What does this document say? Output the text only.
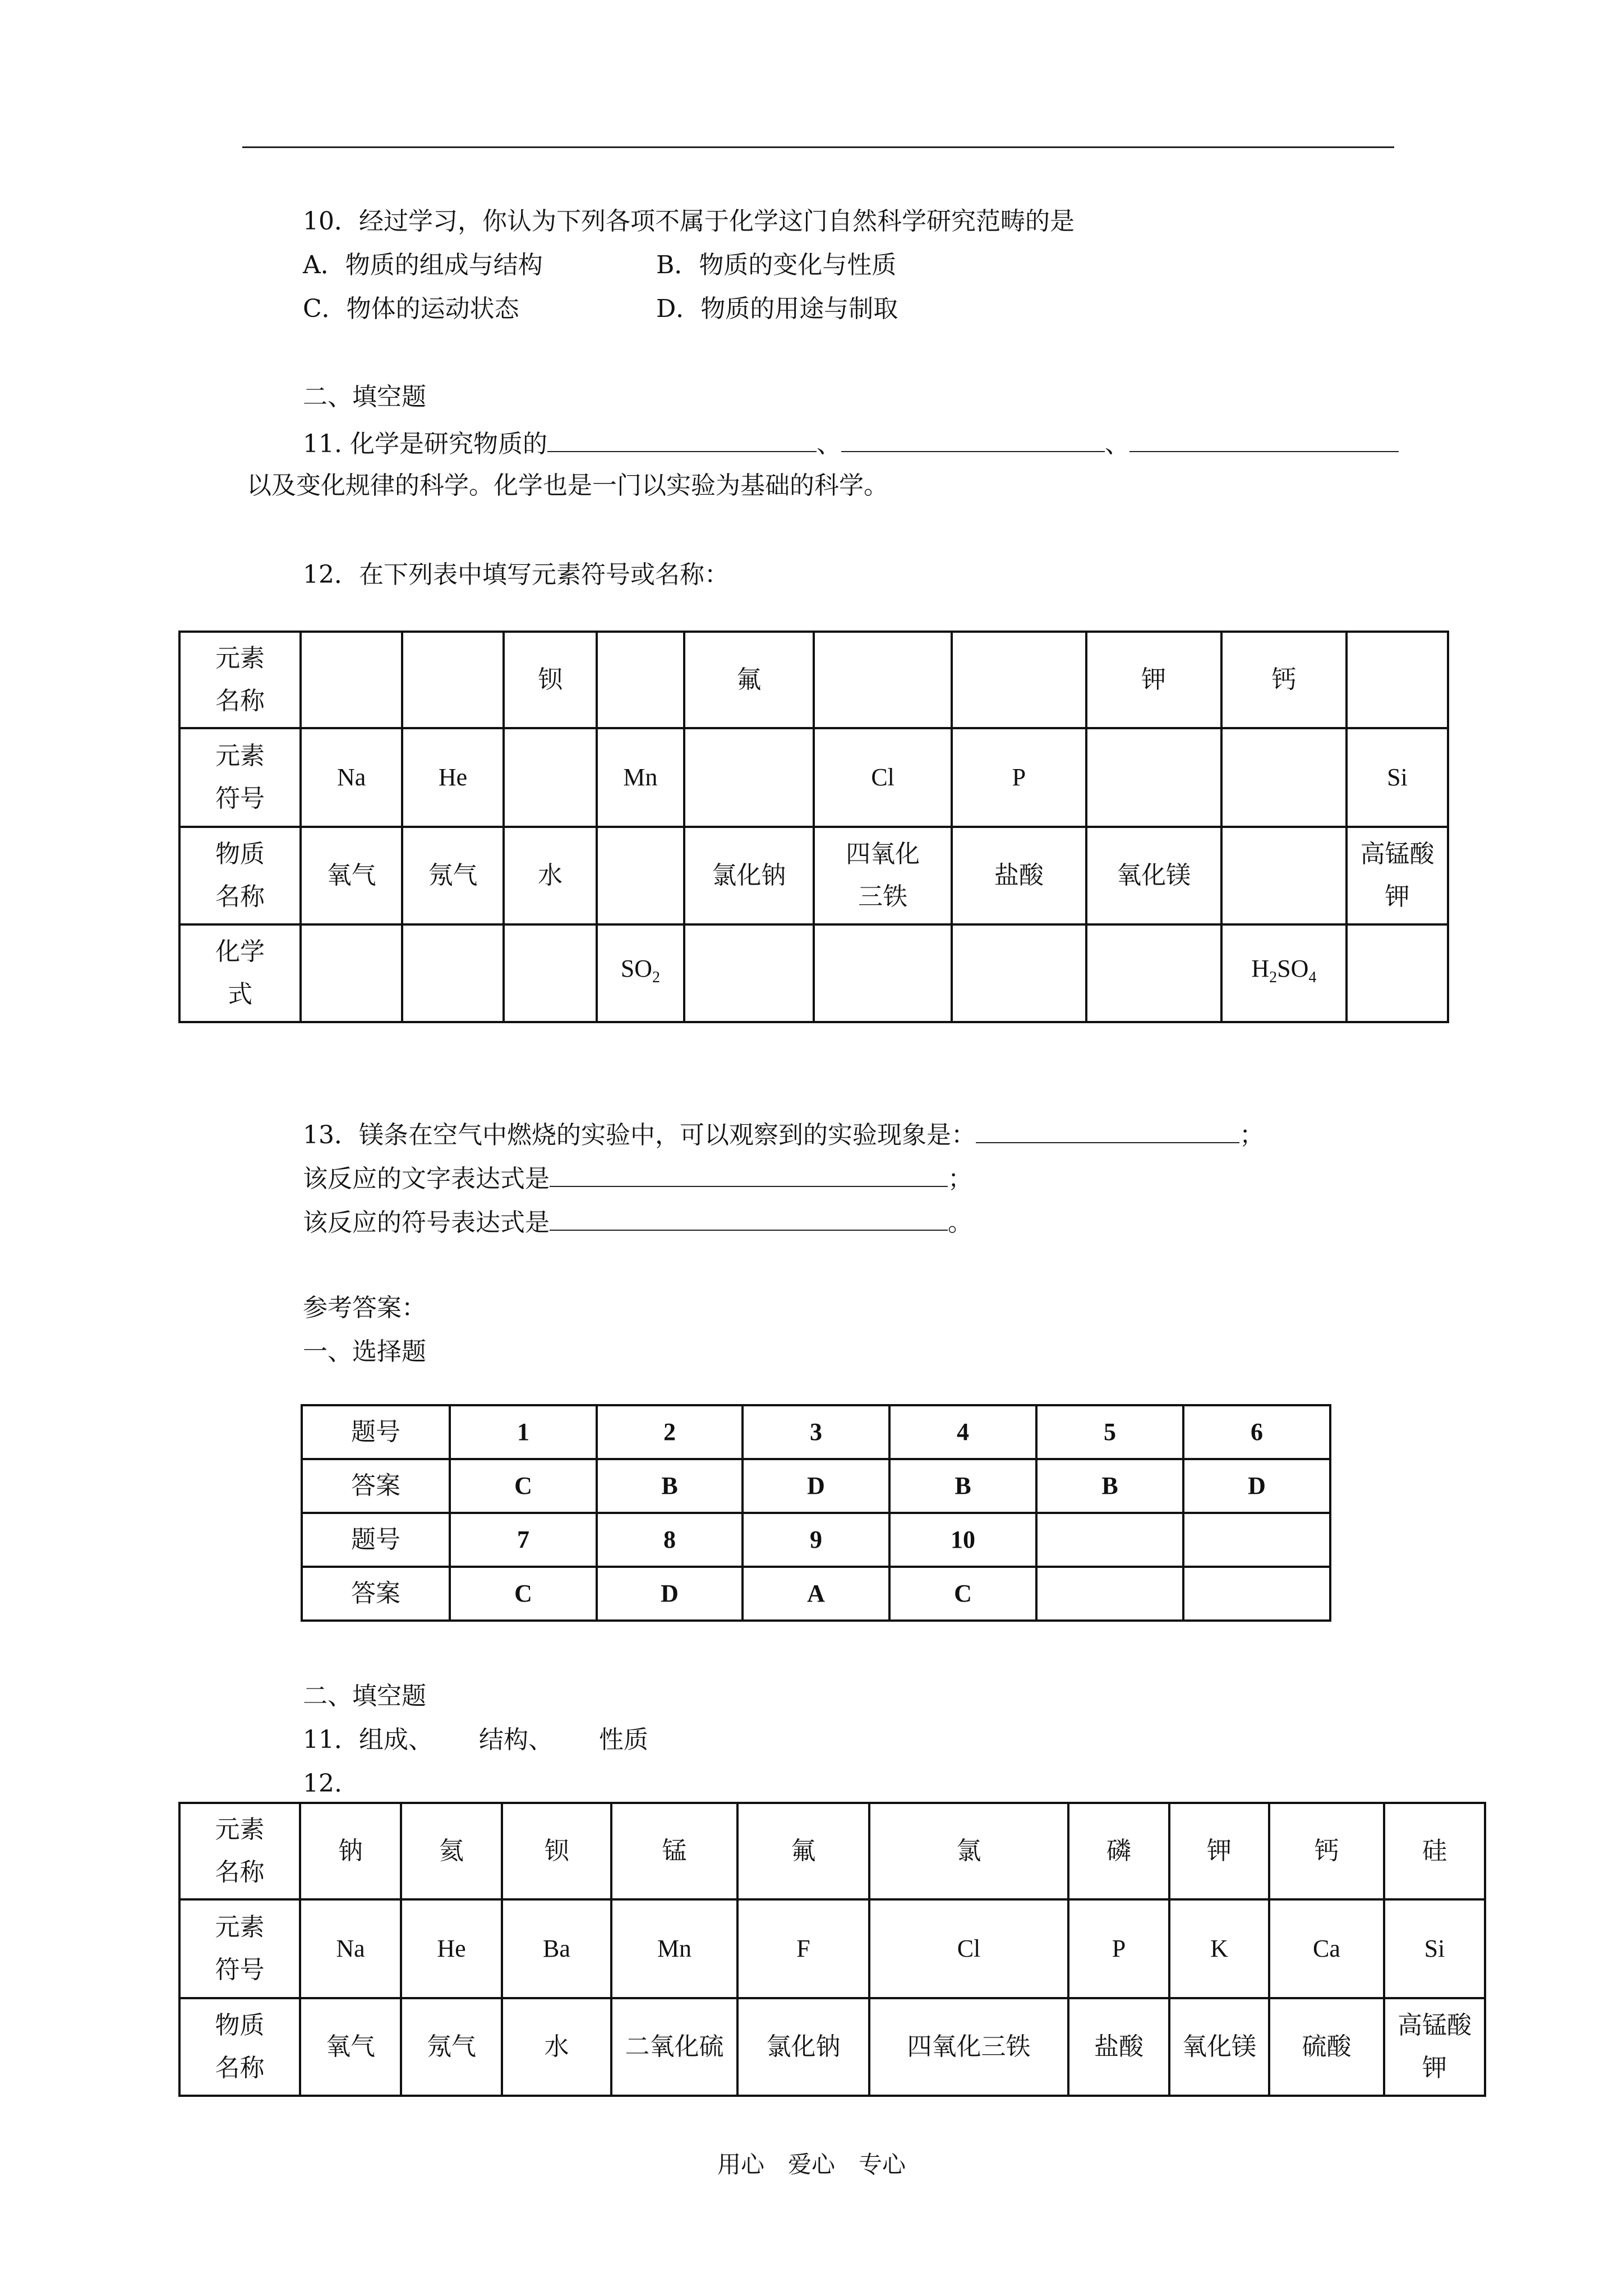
10．经过学习，你认为下列各项不属于化学这门自然科学研究范畴的是
A．物质的组成与结构	B．物质的变化与性质
C．物体的运动状态	D．物质的用途与制取
二、填空题
11. 化学是研究物质的	、	、
以及变化规律的科学。化学也是一门以实验为基础的科学。
12．在下列表中填写元素符号或名称：
元素
名称			钡		氟			钾	钙	
元素
符号	Na	He		Mn		Cl	P			Si
物质
名称	氧气	氖气	水		氯化钠	四氧化
三铁	盐酸	氧化镁		高锰酸
钾
化学
式				$SO_2$					$H_2SO_4$	
13．镁条在空气中燃烧的实验中，可以观察到的实验现象是：	；
该反应的文字表达式是	；
该反应的符号表达式是	。
参考答案：
一、选择题
题号	1	2	3	4	5	6
答案	C	B	D	B	B	D
题号	7	8	9	10		
答案	C	D	A	C		
二、填空题
11．组成、 结构、 性质
12.
元素
名称	钠	氦	钡	锰	氟	氯	磷	钾	钙	硅
元素
符号	Na	He	Ba	Mn	F	Cl	P	K	Ca	Si
物质
名称	氧气	氖气	水	二氧化硫	氯化钠	四氧化三铁	盐酸	氧化镁	硫酸	高锰酸
钾
用心　爱心　专心
